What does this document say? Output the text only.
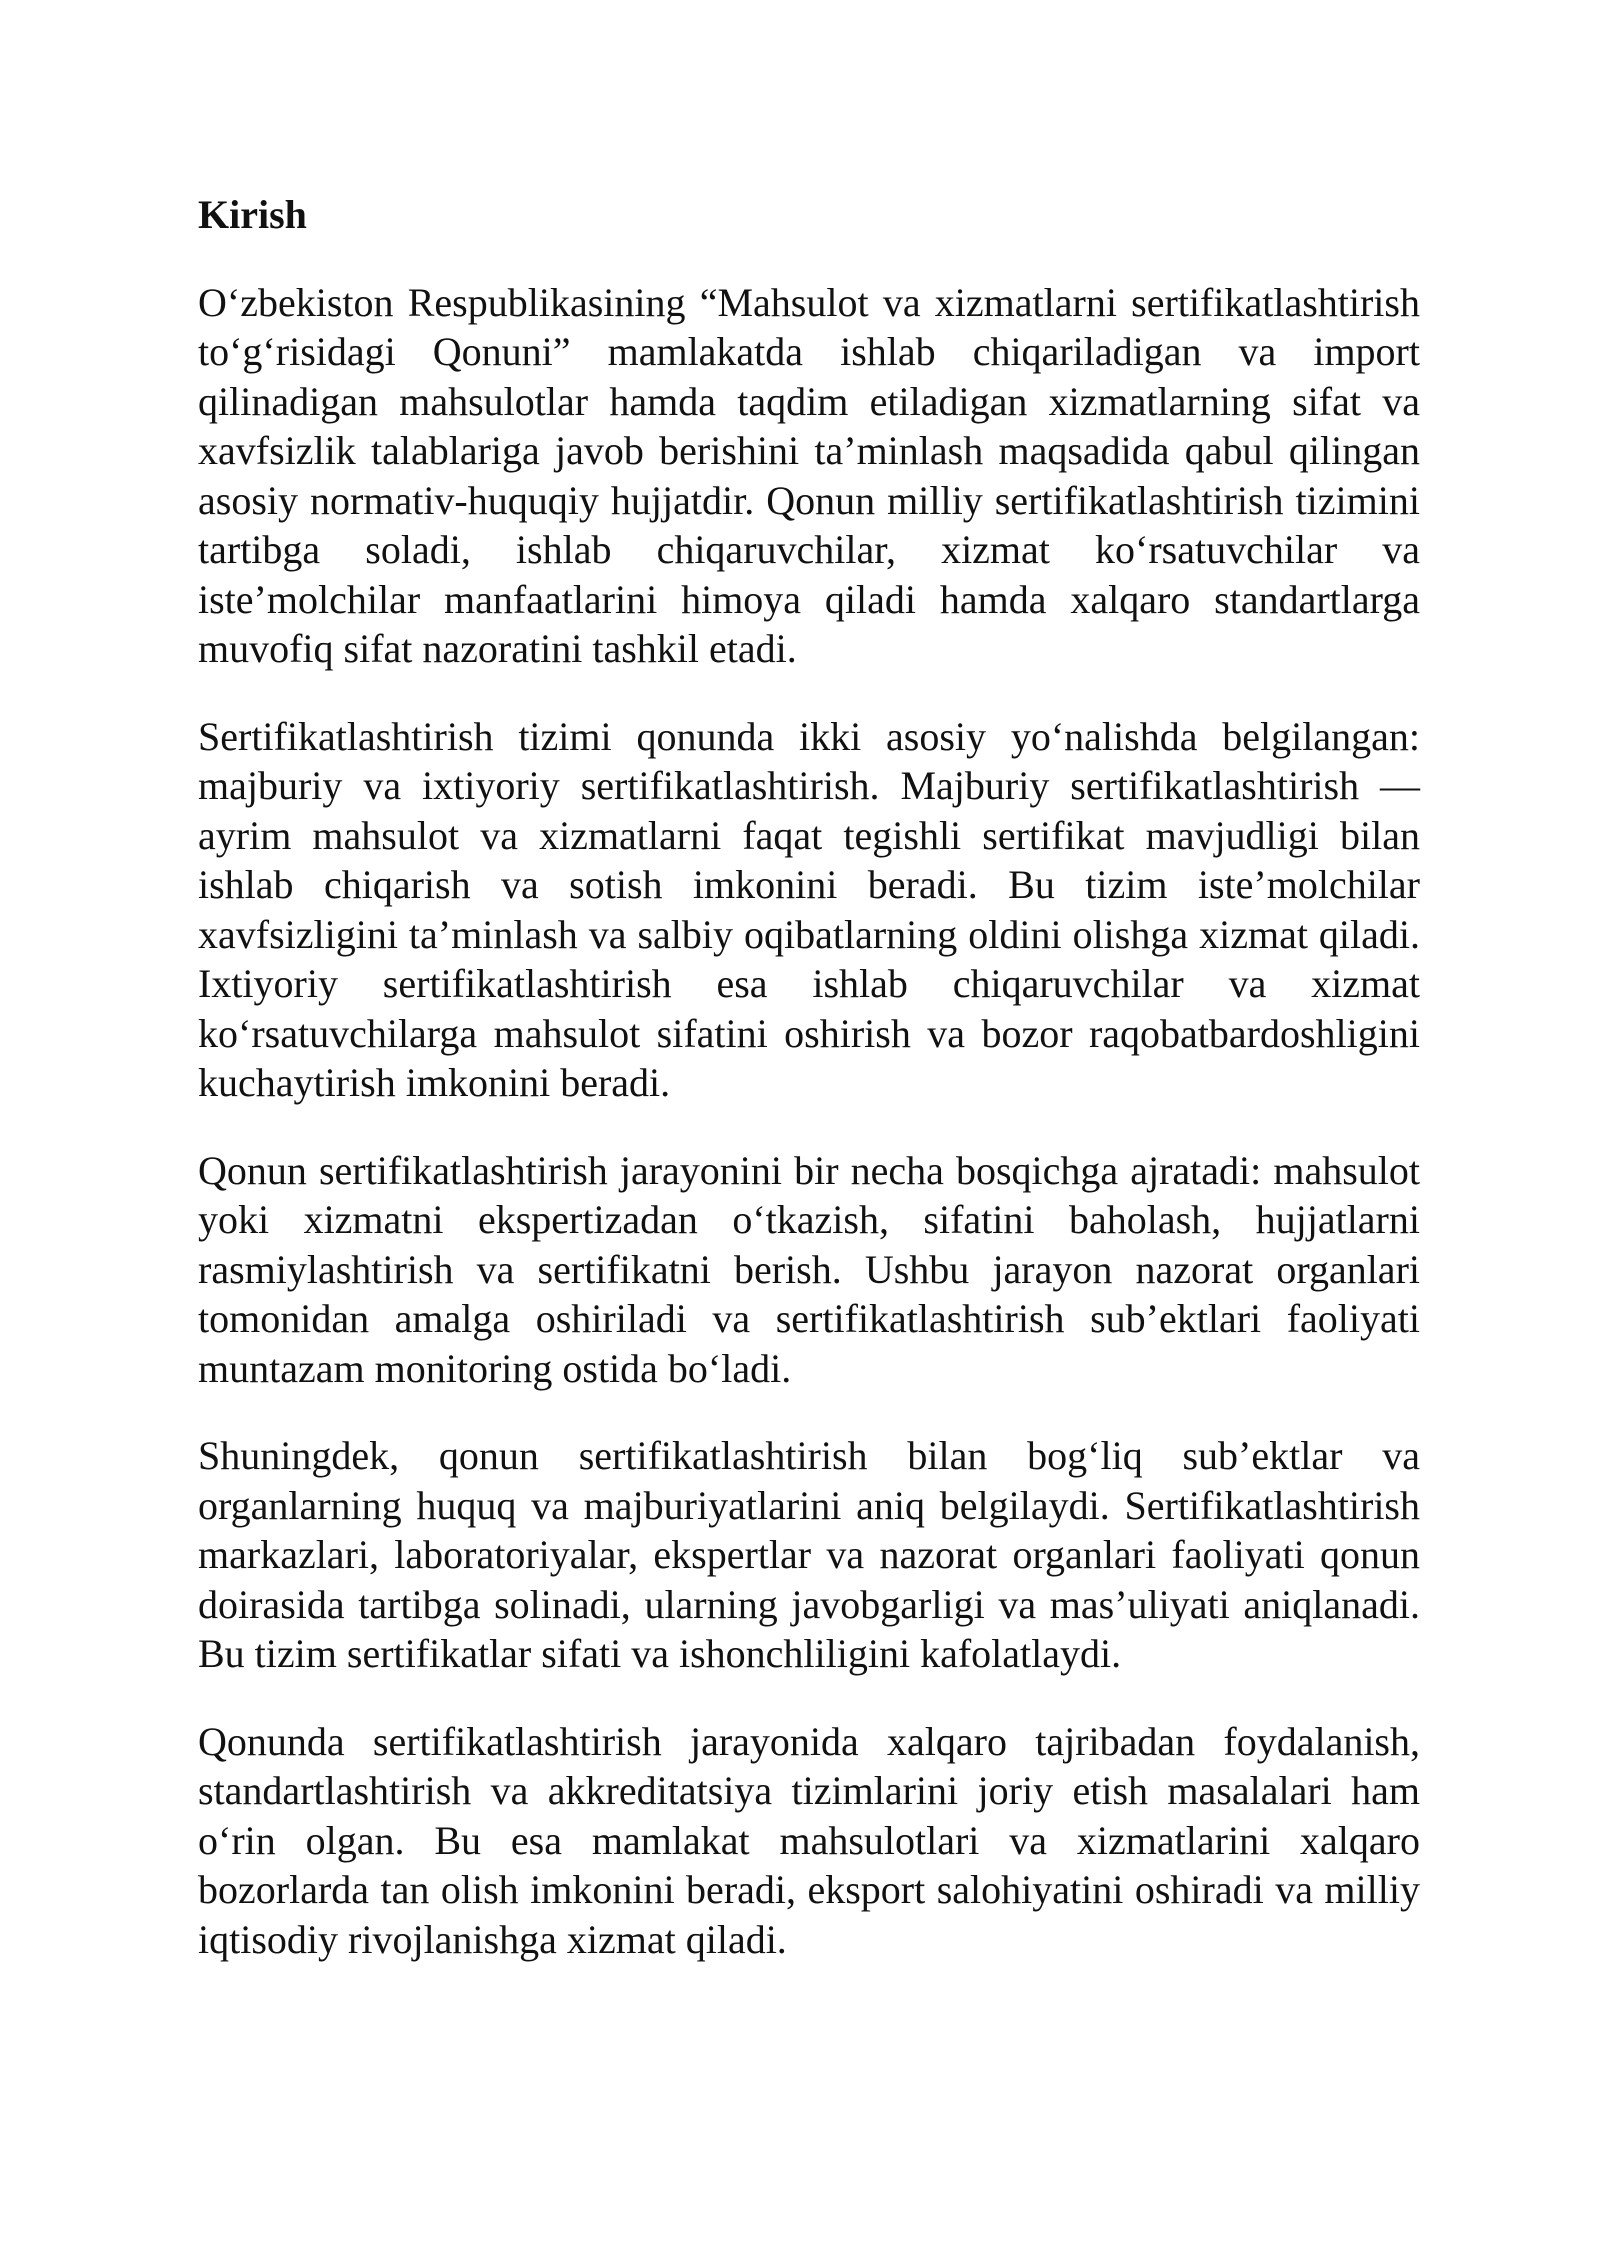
Kirish

O‘zbekiston Respublikasining “Mahsulot va xizmatlarni sertifikatlashtirish to‘g‘risidagi Qonuni” mamlakatda ishlab chiqariladigan va import qilinadigan mahsulotlar hamda taqdim etiladigan xizmatlarning sifat va xavfsizlik talablariga javob berishini ta’minlash maqsadida qabul qilingan asosiy normativ-huquqiy hujjatdir. Qonun milliy sertifikatlashtirish tizimini tartibga soladi, ishlab chiqaruvchilar, xizmat ko‘rsatuvchilar va iste’molchilar manfaatlarini himoya qiladi hamda xalqaro standartlarga muvofiq sifat nazoratini tashkil etadi.

Sertifikatlashtirish tizimi qonunda ikki asosiy yo‘nalishda belgilangan: majburiy va ixtiyoriy sertifikatlashtirish. Majburiy sertifikatlashtirish — ayrim mahsulot va xizmatlarni faqat tegishli sertifikat mavjudligi bilan ishlab chiqarish va sotish imkonini beradi. Bu tizim iste’molchilar xavfsizligini ta’minlash va salbiy oqibatlarning oldini olishga xizmat qiladi. Ixtiyoriy sertifikatlashtirish esa ishlab chiqaruvchilar va xizmat ko‘rsatuvchilarga mahsulot sifatini oshirish va bozor raqobatbardoshligini kuchaytirish imkonini beradi.

Qonun sertifikatlashtirish jarayonini bir necha bosqichga ajratadi: mahsulot yoki xizmatni ekspertizadan o‘tkazish, sifatini baholash, hujjatlarni rasmiylashtirish va sertifikatni berish. Ushbu jarayon nazorat organlari tomonidan amalga oshiriladi va sertifikatlashtirish sub’ektlari faoliyati muntazam monitoring ostida bo‘ladi.

Shuningdek, qonun sertifikatlashtirish bilan bog‘liq sub’ektlar va organlarning huquq va majburiyatlarini aniq belgilaydi. Sertifikatlashtirish markazlari, laboratoriyalar, ekspertlar va nazorat organlari faoliyati qonun doirasida tartibga solinadi, ularning javobgarligi va mas’uliyati aniqlanadi. Bu tizim sertifikatlar sifati va ishonchliligini kafolatlaydi.

Qonunda sertifikatlashtirish jarayonida xalqaro tajribadan foydalanish, standartlashtirish va akkreditatsiya tizimlarini joriy etish masalalari ham o‘rin olgan. Bu esa mamlakat mahsulotlari va xizmatlarini xalqaro bozorlarda tan olish imkonini beradi, eksport salohiyatini oshiradi va milliy iqtisodiy rivojlanishga xizmat qiladi.
